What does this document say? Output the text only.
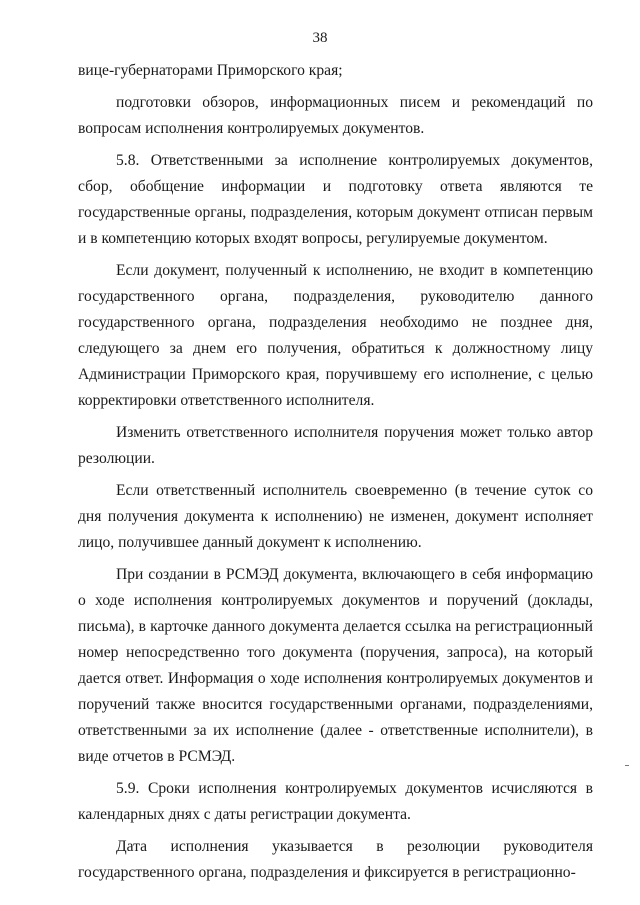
38

вице-губернаторами Приморского края;

подготовки обзоров, информационных писем и рекомендаций по вопросам исполнения контролируемых документов.

5.8. Ответственными за исполнение контролируемых документов, сбор, обобщение информации и подготовку ответа являются те государственные органы, подразделения, которым документ отписан первым и в компетенцию которых входят вопросы, регулируемые документом.

Если документ, полученный к исполнению, не входит в компетенцию государственного органа, подразделения, руководителю данного государственного органа, подразделения необходимо не позднее дня, следующего за днем его получения, обратиться к должностному лицу Администрации Приморского края, поручившему его исполнение, с целью корректировки ответственного исполнителя.

Изменить ответственного исполнителя поручения может только автор резолюции.

Если ответственный исполнитель своевременно (в течение суток со дня получения документа к исполнению) не изменен, документ исполняет лицо, получившее данный документ к исполнению.

При создании в РСМЭД документа, включающего в себя информацию о ходе исполнения контролируемых документов и поручений (доклады, письма), в карточке данного документа делается ссылка на регистрационный номер непосредственно того документа (поручения, запроса), на который дается ответ. Информация о ходе исполнения контролируемых документов и поручений также вносится государственными органами, подразделениями, ответственными за их исполнение (далее - ответственные исполнители), в виде отчетов в РСМЭД.

5.9. Сроки исполнения контролируемых документов исчисляются в календарных днях с даты регистрации документа.

Дата исполнения указывается в резолюции руководителя государственного органа, подразделения и фиксируется в регистрационно-
